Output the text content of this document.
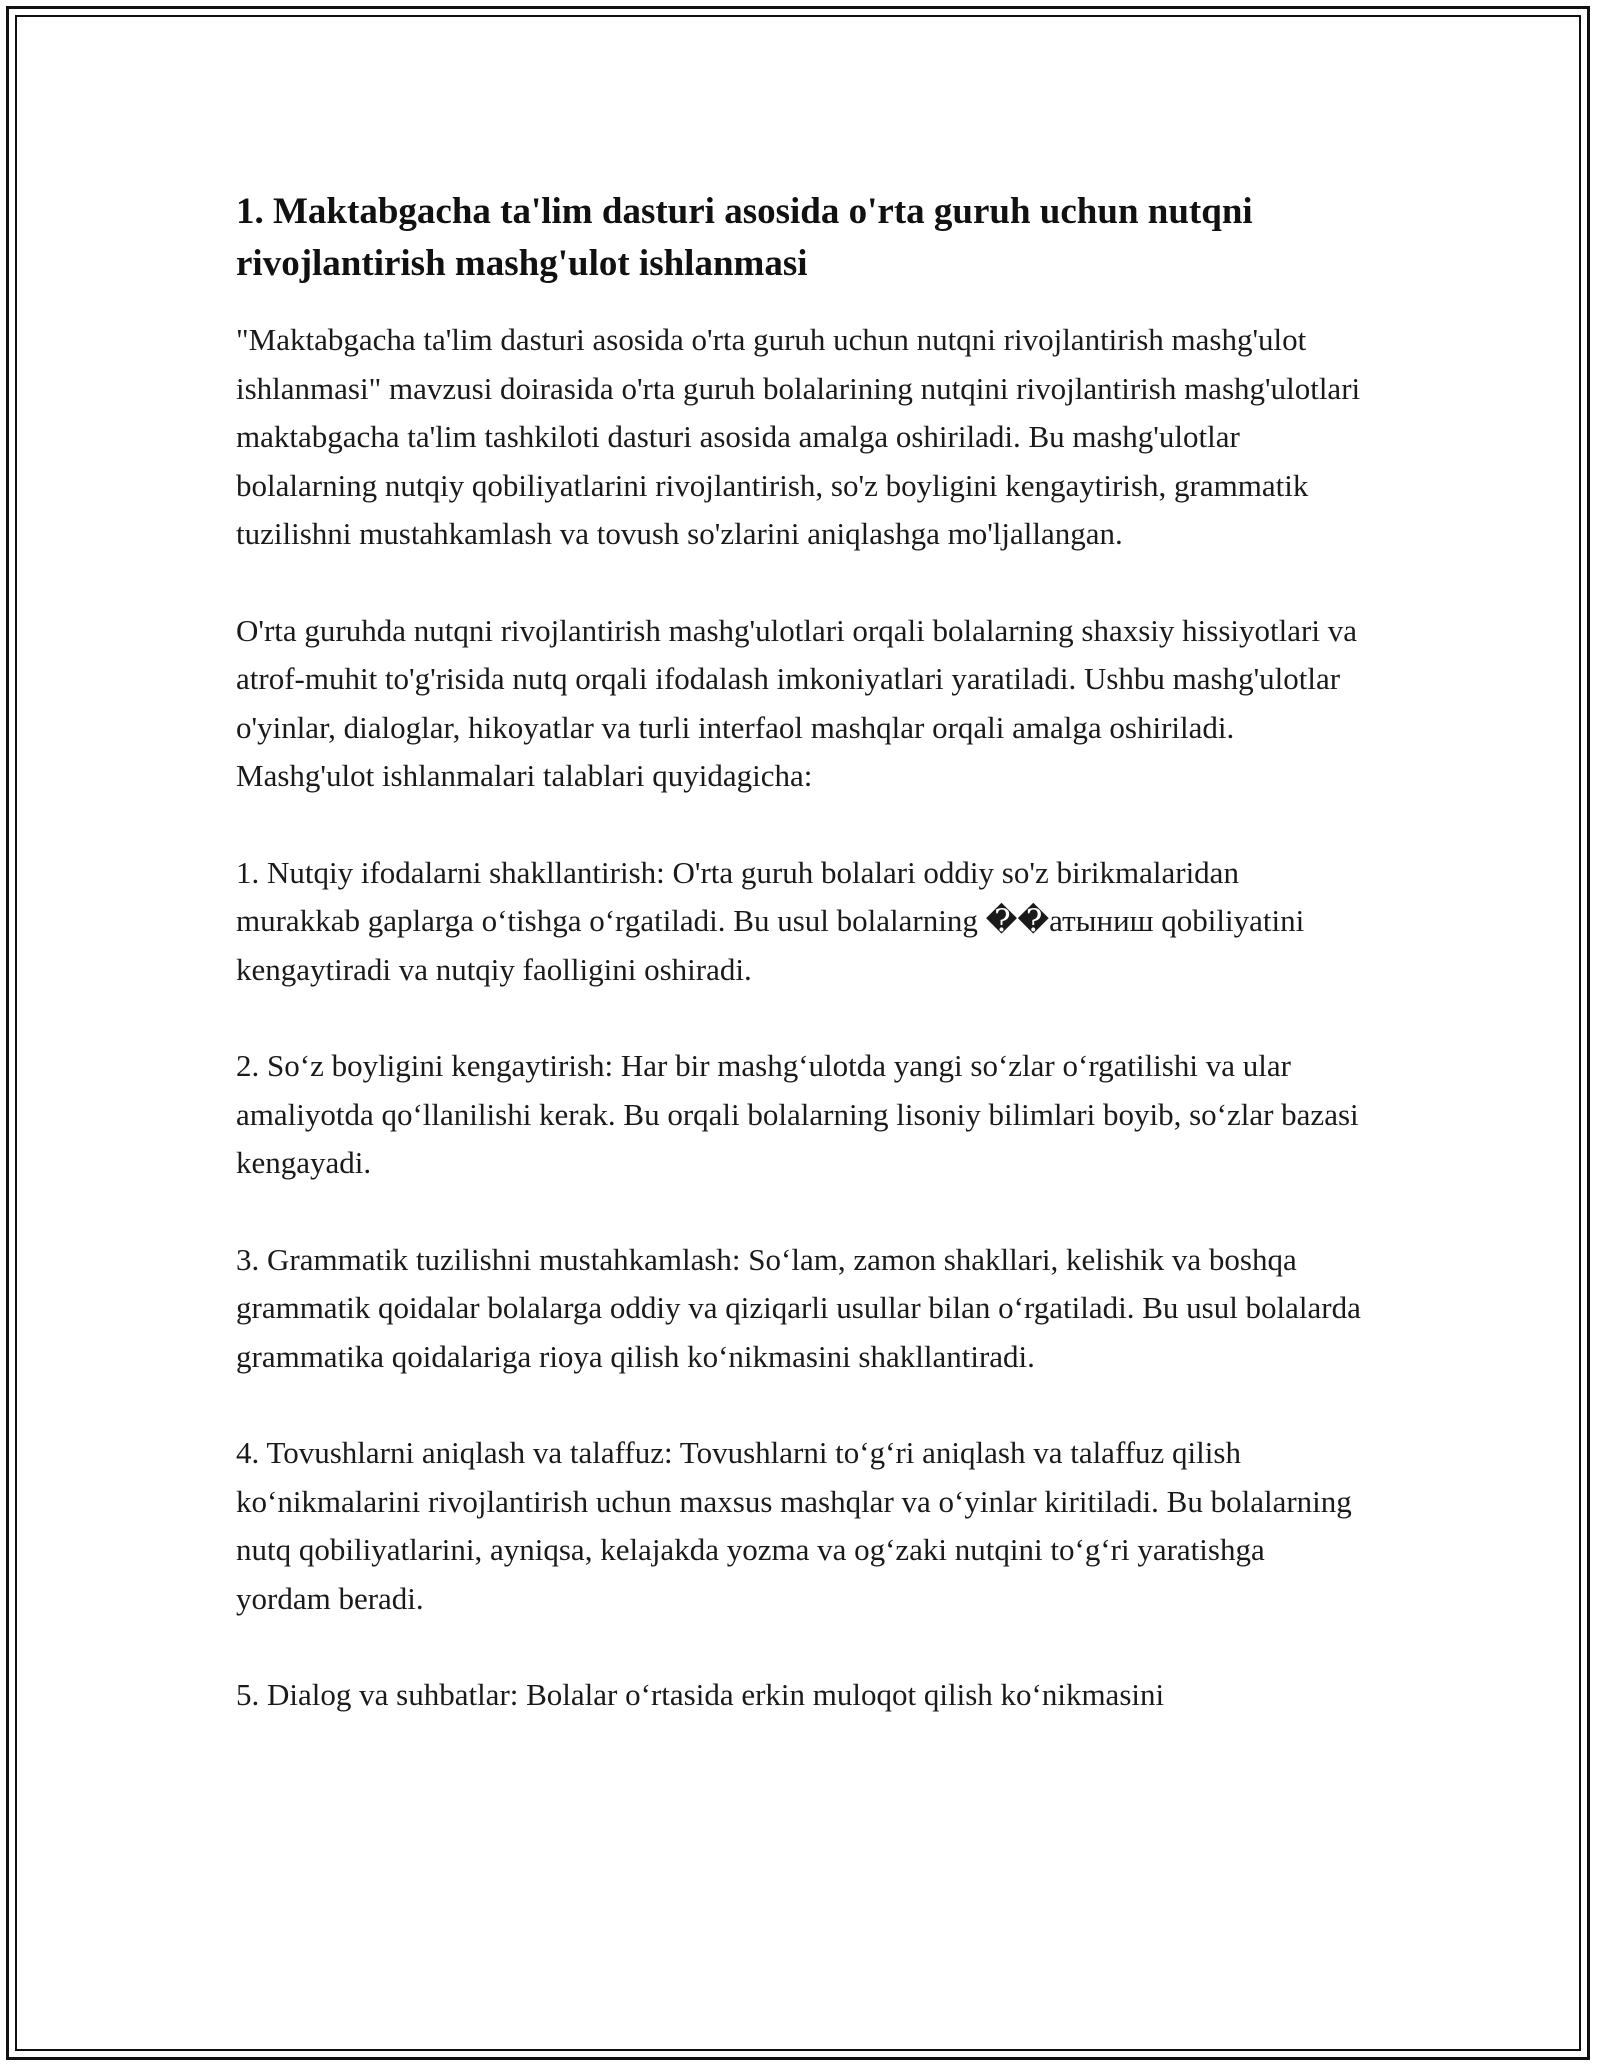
1. Maktabgacha ta'lim dasturi asosida o'rta guruh uchun nutqni rivojlantirish mashg'ulot ishlanmasi

"Maktabgacha ta'lim dasturi asosida o'rta guruh uchun nutqni rivojlantirish mashg'ulot ishlanmasi" mavzusi doirasida o'rta guruh bolalarining nutqini rivojlantirish mashg'ulotlari maktabgacha ta'lim tashkiloti dasturi asosida amalga oshiriladi. Bu mashg'ulotlar bolalarning nutqiy qobiliyatlarini rivojlantirish, so'z boyligini kengaytirish, grammatik tuzilishni mustahkamlash va tovush so'zlarini aniqlashga mo'ljallangan.

O'rta guruhda nutqni rivojlantirish mashg'ulotlari orqali bolalarning shaxsiy hissiyotlari va atrof-muhit to'g'risida nutq orqali ifodalash imkoniyatlari yaratiladi. Ushbu mashg'ulotlar o'yinlar, dialoglar, hikoyatlar va turli interfaol mashqlar orqali amalga oshiriladi. Mashg'ulot ishlanmalari talablari quyidagicha:

1. Nutqiy ifodalarni shakllantirish: O'rta guruh bolalari oddiy so'z birikmalaridan murakkab gaplarga o‘tishga o‘rgatiladi. Bu usul bolalarning ��атыниш qobiliyatini kengaytiradi va nutqiy faolligini oshiradi.

2. So‘z boyligini kengaytirish: Har bir mashg‘ulotda yangi so‘zlar o‘rgatilishi va ular amaliyotda qo‘llanilishi kerak. Bu orqali bolalarning lisoniy bilimlari boyib, so‘zlar bazasi kengayadi.

3. Grammatik tuzilishni mustahkamlash: So‘lam, zamon shakllari, kelishik va boshqa grammatik qoidalar bolalarga oddiy va qiziqarli usullar bilan o‘rgatiladi. Bu usul bolalarda grammatika qoidalariga rioya qilish ko‘nikmasini shakllantiradi.

4. Tovushlarni aniqlash va talaffuz: Tovushlarni to‘g‘ri aniqlash va talaffuz qilish ko‘nikmalarini rivojlantirish uchun maxsus mashqlar va o‘yinlar kiritiladi. Bu bolalarning nutq qobiliyatlarini, ayniqsa, kelajakda yozma va og‘zaki nutqini to‘g‘ri yaratishga yordam beradi.

5. Dialog va suhbatlar: Bolalar o‘rtasida erkin muloqot qilish ko‘nikmasini
